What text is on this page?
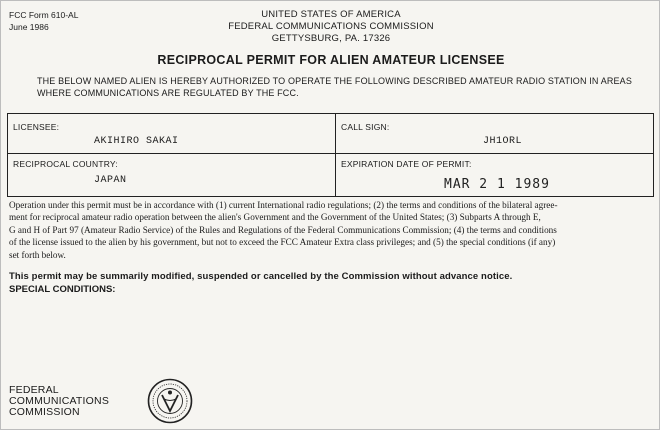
FCC Form 610-AL
June 1986
UNITED STATES OF AMERICA
FEDERAL COMMUNICATIONS COMMISSION
GETTYSBURG, PA. 17326
RECIPROCAL PERMIT FOR ALIEN AMATEUR LICENSEE
THE BELOW NAMED ALIEN IS HEREBY AUTHORIZED TO OPERATE THE FOLLOWING DESCRIBED AMATEUR RADIO STATION IN AREAS WHERE COMMUNICATIONS ARE REGULATED BY THE FCC.
LICENSEE:
AKIHIRO SAKAI
CALL SIGN:
JH1ORL
RECIPROCAL COUNTRY:
JAPAN
EXPIRATION DATE OF PERMIT:
MAR 2 1 1989
Operation under this permit must be in accordance with (1) current International radio regulations; (2) the terms and conditions of the bilateral agree-
ment for reciprocal amateur radio operation between the alien's Government and the Government of the United States; (3) Subparts A through E,
G and H of Part 97 (Amateur Radio Service) of the Rules and Regulations of the Federal Communications Commission; (4) the terms and conditions
of the license issued to the alien by his government, but not to exceed the FCC Amateur Extra class privileges; and (5) the special conditions (if any)
set forth below.
This permit may be summarily modified, suspended or cancelled by the Commission without advance notice.
SPECIAL CONDITIONS:
FEDERAL
COMMUNICATIONS
COMMISSION
